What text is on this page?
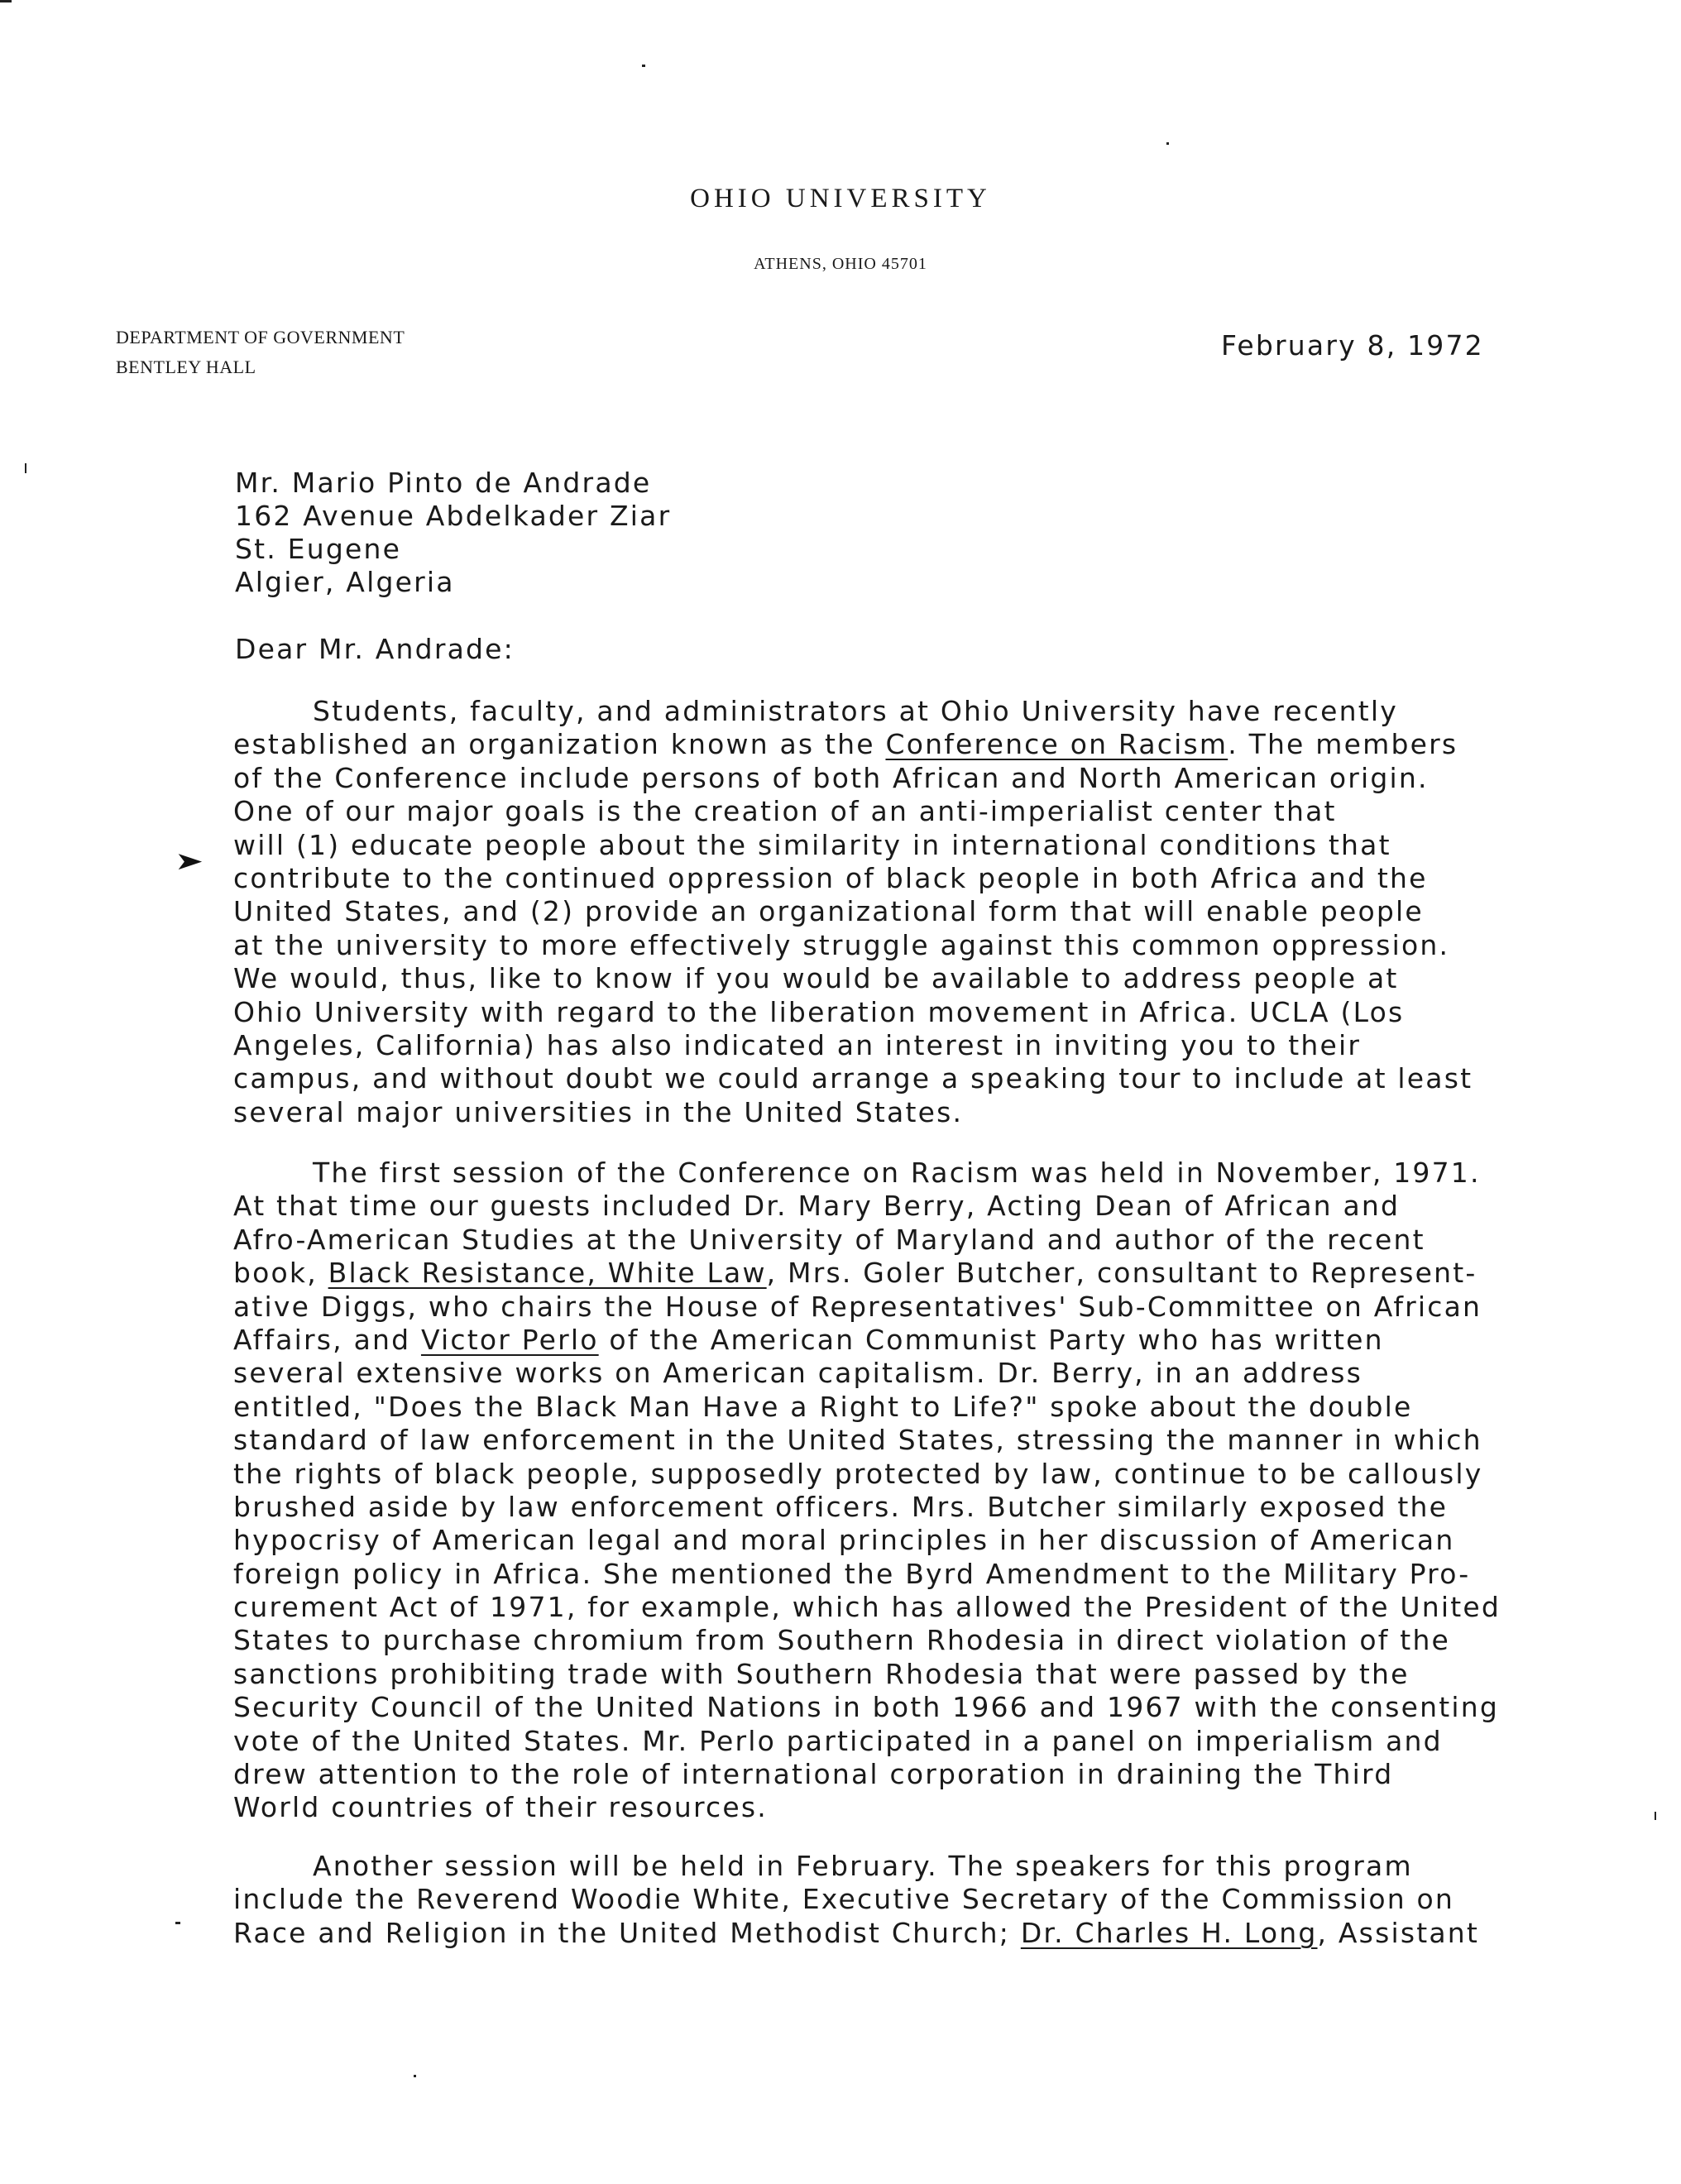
OHIO UNIVERSITY
ATHENS, OHIO 45701
DEPARTMENT OF GOVERNMENT
BENTLEY HALL
February 8, 1972
Mr. Mario Pinto de Andrade
162 Avenue Abdelkader Ziar
St. Eugene
Algier, Algeria
Dear Mr. Andrade:
➤
Students, faculty, and administrators at Ohio University have recently
established an organization known as the Conference on Racism. The members
of the Conference include persons of both African and North American origin.
One of our major goals is the creation of an anti-imperialist center that
will (1) educate people about the similarity in international conditions that
contribute to the continued oppression of black people in both Africa and the
United States, and (2) provide an organizational form that will enable people
at the university to more effectively struggle against this common oppression.
We would, thus, like to know if you would be available to address people at
Ohio University with regard to the liberation movement in Africa. UCLA (Los
Angeles, California) has also indicated an interest in inviting you to their
campus, and without doubt we could arrange a speaking tour to include at least
several major universities in the United States.
The first session of the Conference on Racism was held in November, 1971.
At that time our guests included Dr. Mary Berry, Acting Dean of African and
Afro-American Studies at the University of Maryland and author of the recent
book, Black Resistance, White Law, Mrs. Goler Butcher, consultant to Represent-
ative Diggs, who chairs the House of Representatives' Sub-Committee on African
Affairs, and Victor Perlo of the American Communist Party who has written
several extensive works on American capitalism. Dr. Berry, in an address
entitled, "Does the Black Man Have a Right to Life?" spoke about the double
standard of law enforcement in the United States, stressing the manner in which
the rights of black people, supposedly protected by law, continue to be callously
brushed aside by law enforcement officers. Mrs. Butcher similarly exposed the
hypocrisy of American legal and moral principles in her discussion of American
foreign policy in Africa. She mentioned the Byrd Amendment to the Military Pro-
curement Act of 1971, for example, which has allowed the President of the United
States to purchase chromium from Southern Rhodesia in direct violation of the
sanctions prohibiting trade with Southern Rhodesia that were passed by the
Security Council of the United Nations in both 1966 and 1967 with the consenting
vote of the United States. Mr. Perlo participated in a panel on imperialism and
drew attention to the role of international corporation in draining the Third
World countries of their resources.
Another session will be held in February. The speakers for this program
include the Reverend Woodie White, Executive Secretary of the Commission on
Race and Religion in the United Methodist Church; Dr. Charles H. Long, Assistant
